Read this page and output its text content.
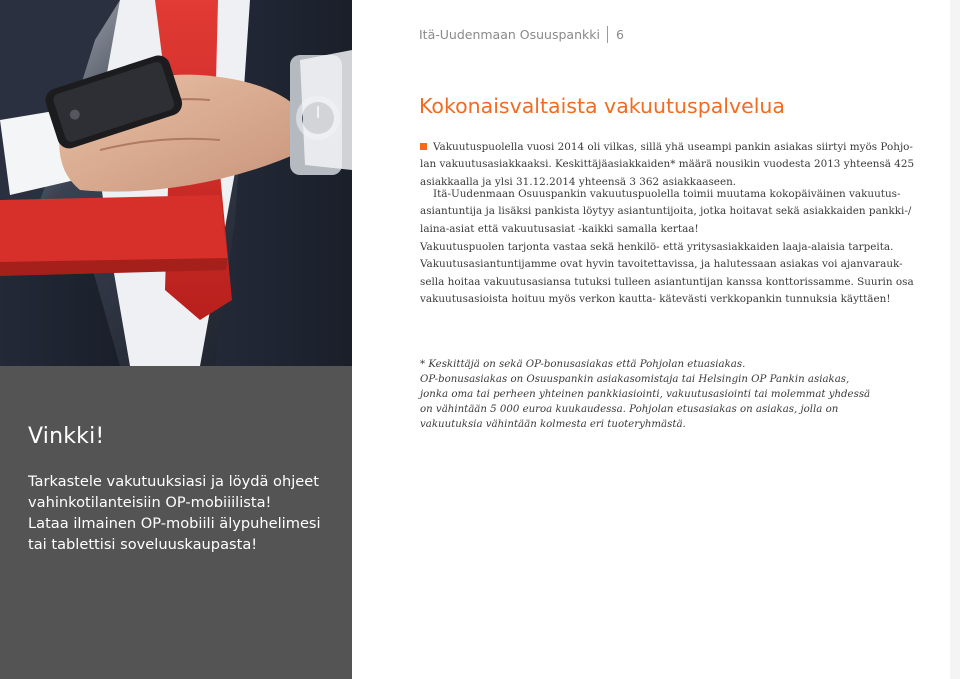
Vinkki!
Tarkastele vakutuuksiasi ja löydä ohjeet
vahinkotilanteisiin OP-mobiiilista!
Lataa ilmainen OP-mobiili älypuhelimesi
tai tablettisi soveluuskaupasta!
Itä-Uudenmaan Osuuspankki 6
Kokonaisvaltaista vakuutuspalvelua
Vakuutuspuolella vuosi 2014 oli vilkas, sillä yhä useampi pankin asiakas siirtyi myös Pohjo-
lan vakuutusasiakkaaksi. Keskittäjäasiakkaiden* määrä nousikin vuodesta 2013 yhteensä 425
asiakkaalla ja ylsi 31.12.2014 yhteensä 3 362 asiakkaaseen.
Itä-Uudenmaan Osuuspankin vakuutuspuolella toimii muutama kokopäiväinen vakuutus-
asiantuntija ja lisäksi pankista löytyy asiantuntijoita, jotka hoitavat sekä asiakkaiden pankki-/
laina-asiat että vakuutusasiat -kaikki samalla kertaa!
Vakuutuspuolen tarjonta vastaa sekä henkilö- että yritysasiakkaiden laaja-alaisia tarpeita.
Vakuutusasiantuntijamme ovat hyvin tavoitettavissa, ja halutessaan asiakas voi ajanvarauk-
sella hoitaa vakuutusasiansa tutuksi tulleen asiantuntijan kanssa konttorissamme. Suurin osa
vakuutusasioista hoituu myös verkon kautta- kätevästi verkkopankin tunnuksia käyttäen!
* Keskittäjä on sekä OP-bonusasiakas että Pohjolan etuasiakas.
OP-bonusasiakas on Osuuspankin asiakasomistaja tai Helsingin OP Pankin asiakas,
jonka oma tai perheen yhteinen pankkiasiointi, vakuutusasiointi tai molemmat yhdessä
on vähintään 5 000 euroa kuukaudessa. Pohjolan etusasiakas on asiakas, jolla on
vakuutuksia vähintään kolmesta eri tuoteryhmästä.
